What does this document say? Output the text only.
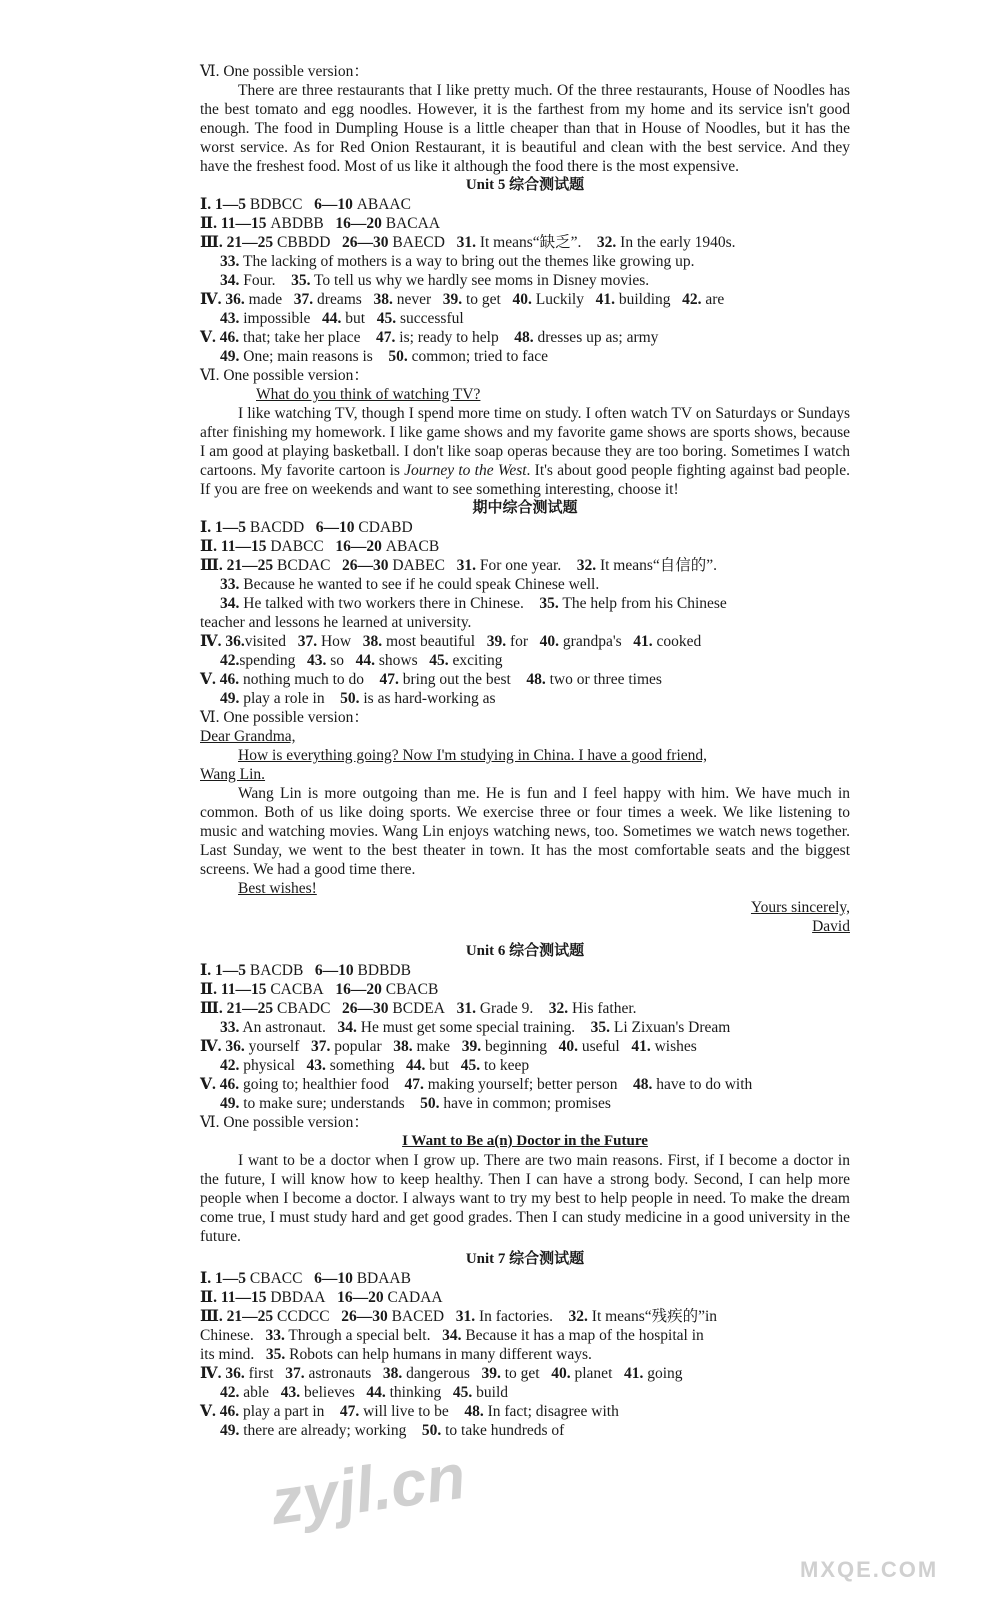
Ⅵ. One possible version：
There are three restaurants that I like pretty much. Of the three restaurants, House of Noodles has the best tomato and egg noodles. However, it is the farthest from my home and its service isn't good enough. The food in Dumpling House is a little cheaper than that in House of Noodles, but it has the worst service. As for Red Onion Restaurant, it is beautiful and clean with the best service. And they have the freshest food. Most of us like it although the food there is the most expensive.
Unit 5 综合测试题
Ⅰ. 1—5 BDBCC 6—10 ABAAC
Ⅱ. 11—15 ABDBB 16—20 BACAA
Ⅲ. 21—25 CBBDD 26—30 BAECD 31. It means“缺乏”. 32. In the early 1940s.
33. The lacking of mothers is a way to bring out the themes like growing up.
34. Four. 35. To tell us why we hardly see moms in Disney movies.
Ⅳ. 36. made 37. dreams 38. never 39. to get 40. Luckily 41. building 42. are
43. impossible 44. but 45. successful
Ⅴ. 46. that; take her place 47. is; ready to help 48. dresses up as; army
49. One; main reasons is 50. common; tried to face
Ⅵ. One possible version：
What do you think of watching TV?
I like watching TV, though I spend more time on study. I often watch TV on Saturdays or Sundays after finishing my homework. I like game shows and my favorite game shows are sports shows, because I am good at playing basketball. I don't like soap operas because they are too boring. Sometimes I watch cartoons. My favorite cartoon is Journey to the West. It's about good people fighting against bad people. If you are free on weekends and want to see something interesting, choose it!
期中综合测试题
Ⅰ. 1—5 BACDD 6—10 CDABD
Ⅱ. 11—15 DABCC 16—20 ABACB
Ⅲ. 21—25 BCDAC 26—30 DABEC 31. For one year. 32. It means“自信的”.
33. Because he wanted to see if he could speak Chinese well.
34. He talked with two workers there in Chinese. 35. The help from his Chinese
teacher and lessons he learned at university.
Ⅳ. 36.visited 37. How 38. most beautiful 39. for 40. grandpa's 41. cooked
42.spending 43. so 44. shows 45. exciting
Ⅴ. 46. nothing much to do 47. bring out the best 48. two or three times
49. play a role in 50. is as hard-working as
Ⅵ. One possible version：
Dear Grandma,
How is everything going? Now I'm studying in China. I have a good friend,
Wang Lin.
Wang Lin is more outgoing than me. He is fun and I feel happy with him. We have much in common. Both of us like doing sports. We exercise three or four times a week. We like listening to music and watching movies. Wang Lin enjoys watching news, too. Sometimes we watch news together. Last Sunday, we went to the best theater in town. It has the most comfortable seats and the biggest screens. We had a good time there.
Best wishes!
Yours sincerely,
David
Unit 6 综合测试题
Ⅰ. 1—5 BACDB 6—10 BDBDB
Ⅱ. 11—15 CACBA 16—20 CBACB
Ⅲ. 21—25 CBADC 26—30 BCDEA 31. Grade 9. 32. His father.
33. An astronaut. 34. He must get some special training. 35. Li Zixuan's Dream
Ⅳ. 36. yourself 37. popular 38. make 39. beginning 40. useful 41. wishes
42. physical 43. something 44. but 45. to keep
Ⅴ. 46. going to; healthier food 47. making yourself; better person 48. have to do with
49. to make sure; understands 50. have in common; promises
Ⅵ. One possible version：
I Want to Be a(n) Doctor in the Future
I want to be a doctor when I grow up. There are two main reasons. First, if I become a doctor in the future, I will know how to keep healthy. Then I can have a strong body. Second, I can help more people when I become a doctor. I always want to try my best to help people in need. To make the dream come true, I must study hard and get good grades. Then I can study medicine in a good university in the future.
Unit 7 综合测试题
Ⅰ. 1—5 CBACC 6—10 BDAAB
Ⅱ. 11—15 DBDAA 16—20 CADAA
Ⅲ. 21—25 CCDCC 26—30 BACED 31. In factories. 32. It means“残疾的”in
Chinese. 33. Through a special belt. 34. Because it has a map of the hospital in
its mind. 35. Robots can help humans in many different ways.
Ⅳ. 36. first 37. astronauts 38. dangerous 39. to get 40. planet 41. going
42. able 43. believes 44. thinking 45. build
Ⅴ. 46. play a part in 47. will live to be 48. In fact; disagree with
49. there are already; working 50. to take hundreds of
zyjl.cn
MXQE.COM
